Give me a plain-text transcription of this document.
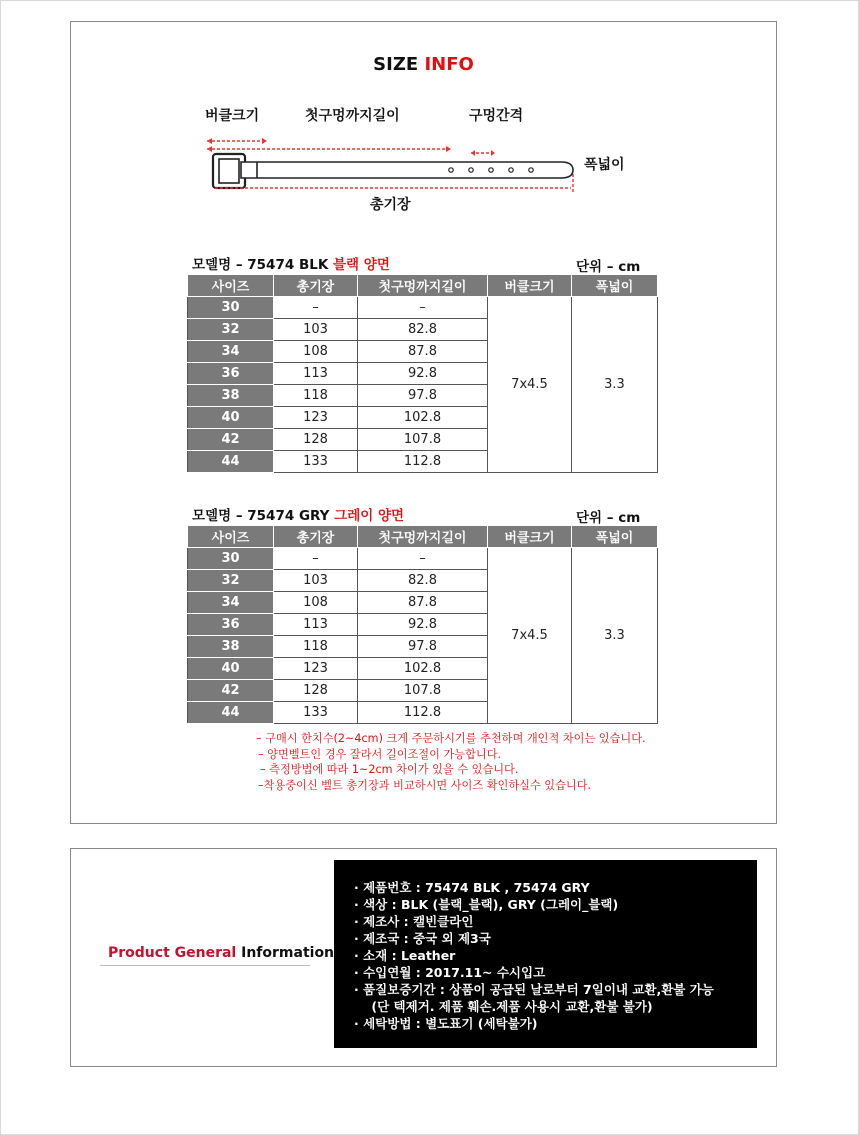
SIZE INFO
버클크기	첫구멍까지길이	구멍간격
폭넓이
총기장
모델명 – 75474 BLK 블랙 양면	단위 – cm
사이즈	총기장	첫구멍까지길이	버클크기	폭넓이
30	–	–	7x4.5	3.3
32	103	82.8		
34	108	87.8		
36	113	92.8		
38	118	97.8		
40	123	102.8		
42	128	107.8		
44	133	112.8		
모델명 – 75474 GRY 그레이 양면	단위 – cm
사이즈	총기장	첫구멍까지길이	버클크기	폭넓이
30	–	–	7x4.5	3.3
32	103	82.8		
34	108	87.8		
36	113	92.8		
38	118	97.8		
40	123	102.8		
42	128	107.8		
44	133	112.8		
– 구매시 한치수(2~4cm) 크게 주문하시기를 추천하며 개인적 차이는 있습니다.
– 양면벨트인 경우 잘라서 길이조절이 가능합니다.
– 측정방법에 따라 1~2cm 차이가 있을 수 있습니다.
–착용중이신 벨트 총기장과 비교하시면 사이즈 확인하실수 있습니다.
Product General Information
· 제품번호 : 75474 BLK , 75474 GRY
· 색상 : BLK (블랙_블랙), GRY (그레이_블랙)
· 제조사 : 캘빈클라인
· 제조국 : 중국 외 제3국
· 소재 : Leather
· 수입연월 : 2017.11~ 수시입고
· 품질보증기간 : 상품이 공급된 날로부터 7일이내 교환,환불 가능
(단 텍제거. 제품 훼손.제품 사용시 교환,환불 불가)
· 세탁방법 : 별도표기 (세탁불가)
